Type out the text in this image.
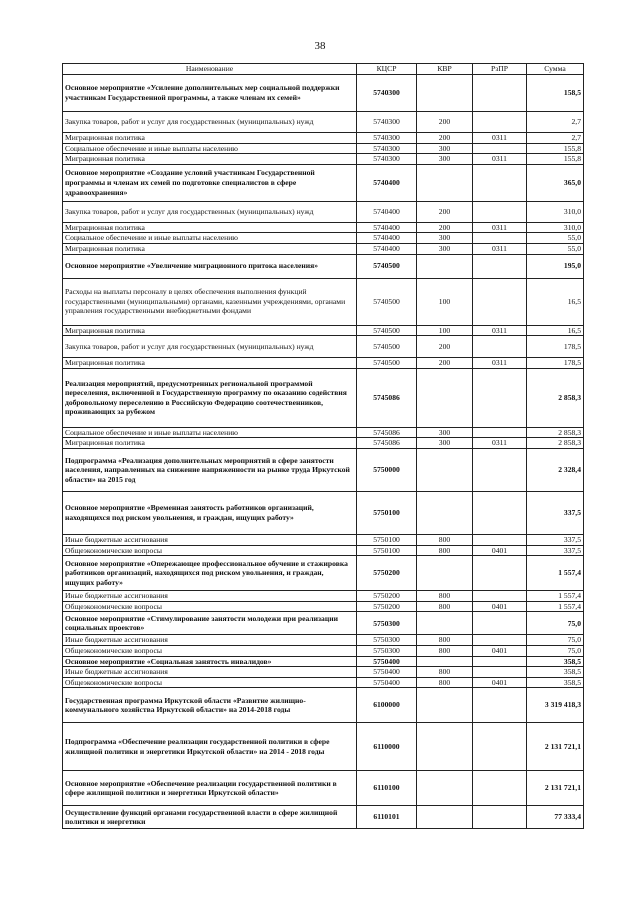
38
Наименование	КЦСР	КВР	РзПР	Сумма
Основное мероприятие «Усиление дополнительных мер социальной поддержки участникам Государственной программы, а также членам их семей»	5740300			158,5
Закупка товаров, работ и услуг для государственных (муниципальных) нужд	5740300	200		2,7
Миграционная политика	5740300	200	0311	2,7
Социальное обеспечение и иные выплаты населению	5740300	300		155,8
Миграционная политика	5740300	300	0311	155,8
Основное мероприятие «Создание условий участникам Государственной программы и членам их семей по подготовке специалистов в сфере здравоохранения»	5740400			365,0
Закупка товаров, работ и услуг для государственных (муниципальных) нужд	5740400	200		310,0
Миграционная политика	5740400	200	0311	310,0
Социальное обеспечение и иные выплаты населению	5740400	300		55,0
Миграционная политика	5740400	300	0311	55,0
Основное мероприятие «Увеличение миграционного притока населения»	5740500			195,0
Расходы на выплаты персоналу в целях обеспечения выполнения функций государственными (муниципальными) органами, казенными учреждениями, органами управления государственными внебюджетными фондами	5740500	100		16,5
Миграционная политика	5740500	100	0311	16,5
Закупка товаров, работ и услуг для государственных (муниципальных) нужд	5740500	200		178,5
Миграционная политика	5740500	200	0311	178,5
Реализация мероприятий, предусмотренных региональной программой переселения, включенной в Государственную программу по оказанию содействия добровольному переселению в Российскую Федерацию соотечественников, проживающих за рубежом	5745086			2 858,3
Социальное обеспечение и иные выплаты населению	5745086	300		2 858,3
Миграционная политика	5745086	300	0311	2 858,3
Подпрограмма «Реализация дополнительных мероприятий в сфере занятости населения, направленных на снижение напряженности на рынке труда Иркутской области» на 2015 год	5750000			2 328,4
Основное мероприятие «Временная занятость работников организаций, находящихся под риском увольнения, и граждан, ищущих работу»	5750100			337,5
Иные бюджетные ассигнования	5750100	800		337,5
Общеэкономические вопросы	5750100	800	0401	337,5
Основное мероприятие «Опережающее профессиональное обучение и стажировка работников организаций, находящихся под риском увольнения, и граждан, ищущих работу»	5750200			1 557,4
Иные бюджетные ассигнования	5750200	800		1 557,4
Общеэкономические вопросы	5750200	800	0401	1 557,4
Основное мероприятие «Стимулирование занятости молодежи при реализации социальных проектов»	5750300			75,0
Иные бюджетные ассигнования	5750300	800		75,0
Общеэкономические вопросы	5750300	800	0401	75,0
Основное мероприятие «Социальная занятость инвалидов»	5750400			358,5
Иные бюджетные ассигнования	5750400	800		358,5
Общеэкономические вопросы	5750400	800	0401	358,5
Государственная программа Иркутской области «Развитие жилищно-коммунального хозяйства Иркутской области» на 2014-2018 годы	6100000			3 319 418,3
Подпрограмма «Обеспечение реализации государственной политики в сфере жилищной политики и энергетики Иркутской области» на 2014 - 2018 годы	6110000			2 131 721,1
Основное мероприятие «Обеспечение реализации государственной политики в сфере жилищной политики и энергетики Иркутской области»	6110100			2 131 721,1
Осуществление функций органами государственной власти в сфере жилищной политики и энергетики	6110101			77 333,4
